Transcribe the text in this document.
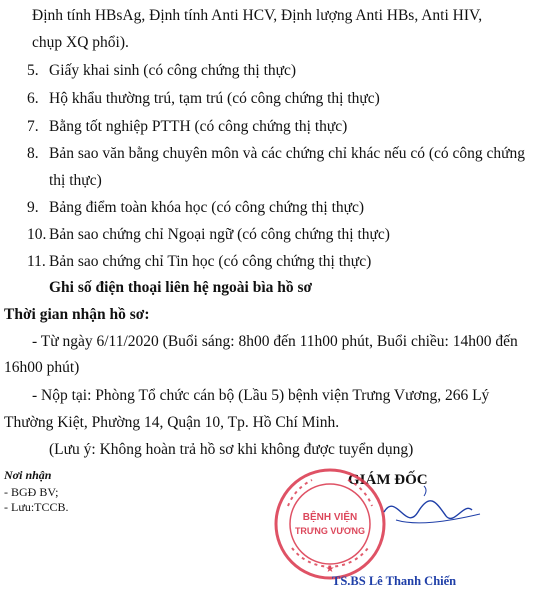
Định tính HBsAg, Định tính Anti HCV, Định lượng Anti HBs, Anti HIV,
chụp XQ phổi).
5. Giấy khai sinh (có công chứng thị thực)
6. Hộ khẩu thường trú, tạm trú (có công chứng thị thực)
7. Bằng tốt nghiệp PTTH (có công chứng thị thực)
8. Bản sao văn bằng chuyên môn và các chứng chỉ khác nếu có (có công chứng
thị thực)
9. Bảng điểm toàn khóa học (có công chứng thị thực)
10. Bản sao chứng chỉ Ngoại ngữ (có công chứng thị thực)
11. Bản sao chứng chỉ Tin học (có công chứng thị thực)
Ghi số điện thoại liên hệ ngoài bìa hồ sơ
Thời gian nhận hồ sơ:
- Từ ngày 6/11/2020 (Buổi sáng: 8h00 đến 11h00 phút, Buổi chiều: 14h00 đến
16h00 phút)
- Nộp tại: Phòng Tổ chức cán bộ (Lầu 5) bệnh viện Trưng Vương, 266 Lý
Thường Kiệt, Phường 14, Quận 10, Tp. Hồ Chí Minh.
(Lưu ý: Không hoàn trả hồ sơ khi không được tuyển dụng)
Nơi nhận
- BGĐ BV;
- Lưu:TCCB.
GIÁM ĐỐC
BỆNH VIỆN
TRƯNG VƯƠNG
★
TS.BS Lê Thanh Chiến
